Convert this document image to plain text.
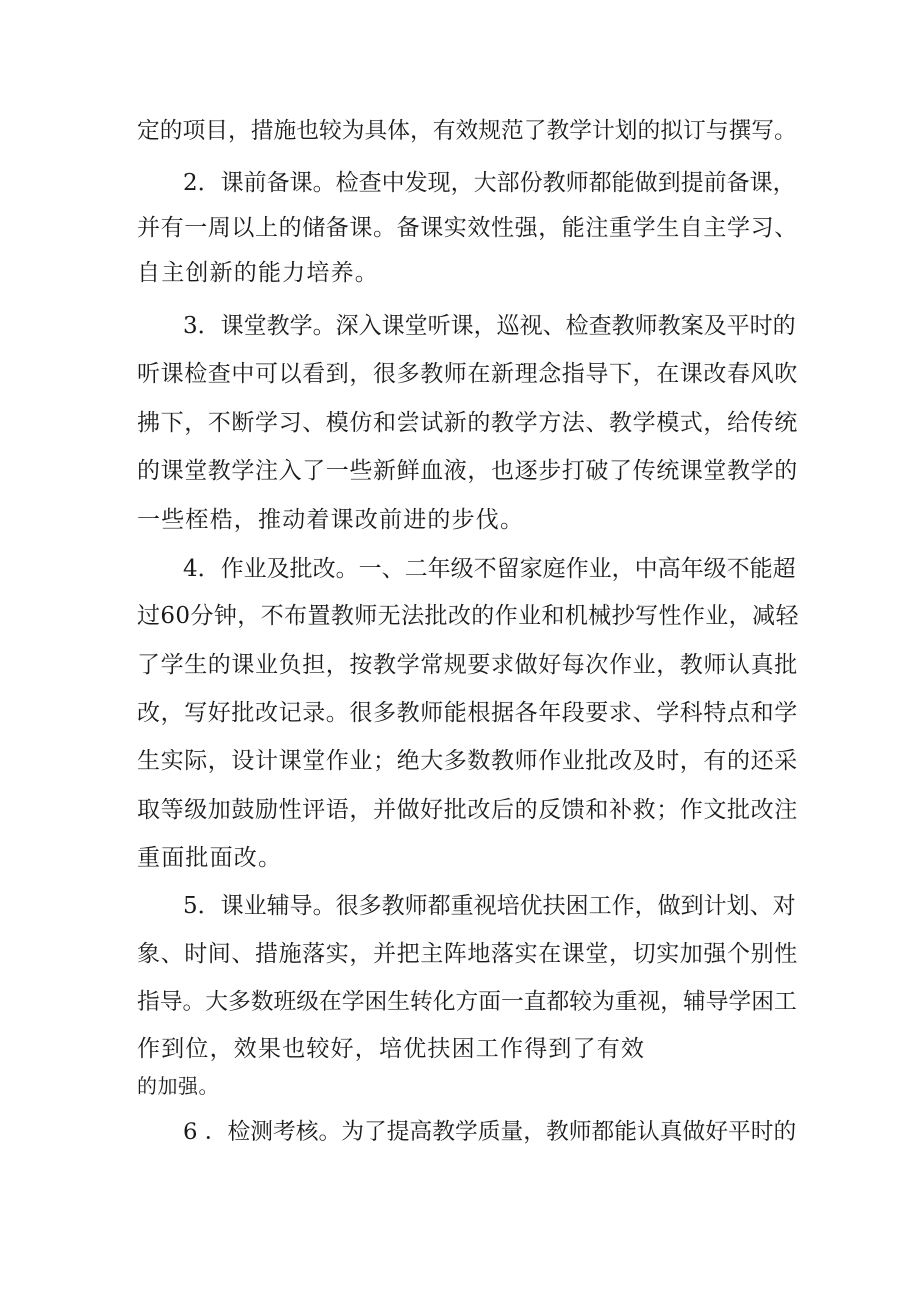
定的项目，措施也较为具体，有效规范了教学计划的拟订与撰写。
2．课前备课。检查中发现，大部份教师都能做到提前备课，
并有一周以上的储备课。备课实效性强，能注重学生自主学习、
自主创新的能力培养。
3．课堂教学。深入课堂听课，巡视、检查教师教案及平时的
听课检查中可以看到，很多教师在新理念指导下，在课改春风吹
拂下，不断学习、模仿和尝试新的教学方法、教学模式，给传统
的课堂教学注入了一些新鲜血液，也逐步打破了传统课堂教学的
一些桎梏，推动着课改前进的步伐。
4．作业及批改。一、二年级不留家庭作业，中高年级不能超
过60分钟，不布置教师无法批改的作业和机械抄写性作业，减轻
了学生的课业负担，按教学常规要求做好每次作业，教师认真批
改，写好批改记录。很多教师能根据各年段要求、学科特点和学
生实际，设计课堂作业；绝大多数教师作业批改及时，有的还采
取等级加鼓励性评语，并做好批改后的反馈和补救；作文批改注
重面批面改。
5．课业辅导。很多教师都重视培优扶困工作，做到计划、对
象、时间、措施落实，并把主阵地落实在课堂，切实加强个别性
指导。大多数班级在学困生转化方面一直都较为重视，辅导学困工
作到位，效果也较好，培优扶困工作得到了有效
的加强。
6 ．检测考核。为了提高教学质量，教师都能认真做好平时的
